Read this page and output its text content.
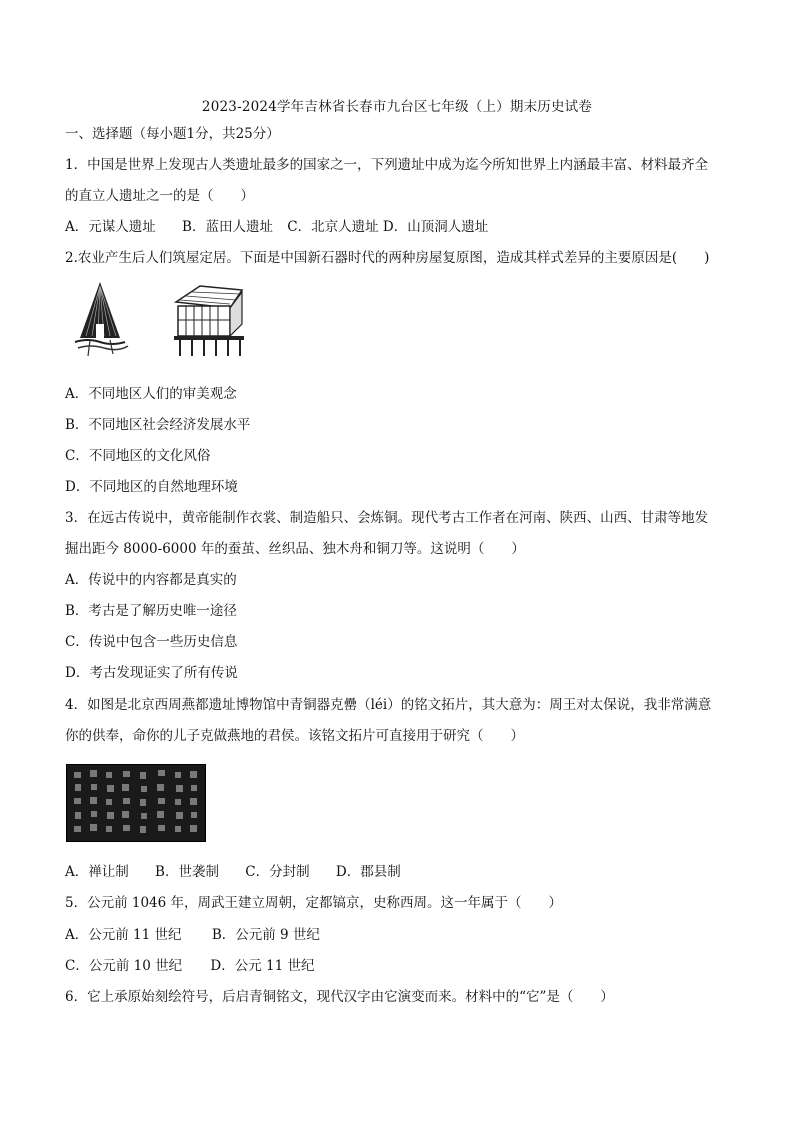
2023-2024学年吉林省长春市九台区七年级（上）期末历史试卷
一、选择题（每小题1分，共25分）
1．中国是世界上发现古人类遗址最多的国家之一，下列遗址中成为迄今所知世界上内涵最丰富、材料最齐全
的直立人遗址之一的是（　　）
A．元谋人遗址 B．蓝田人遗址 C．北京人遗址 D．山顶洞人遗址
2.农业产生后人们筑屋定居。下面是中国新石器时代的两种房屋复原图，造成其样式差异的主要原因是(　　)
A．不同地区人们的审美观念
B．不同地区社会经济发展水平
C．不同地区的文化风俗
D．不同地区的自然地理环境
3．在远古传说中，黄帝能制作衣裳、制造船只、会炼铜。现代考古工作者在河南、陕西、山西、甘肃等地发
掘出距今 8000-6000 年的蚕茧、丝织品、独木舟和铜刀等。这说明（　　）
A．传说中的内容都是真实的
B．考古是了解历史唯一途径
C．传说中包含一些历史信息
D．考古发现证实了所有传说
4．如图是北京西周燕都遗址博物馆中青铜器克罍（léi）的铭文拓片，其大意为：周王对太保说，我非常满意
你的供奉，命你的儿子克做燕地的君侯。该铭文拓片可直接用于研究（　　）
A．禅让制 B．世袭制 C．分封制 D．郡县制
5．公元前 1046 年，周武王建立周朝，定都镐京，史称西周。这一年属于（　　）
A．公元前 11 世纪 B．公元前 9 世纪
C．公元前 10 世纪 D．公元 11 世纪
6．它上承原始刻绘符号，后启青铜铭文，现代汉字由它演变而来。材料中的“它”是（　　）
